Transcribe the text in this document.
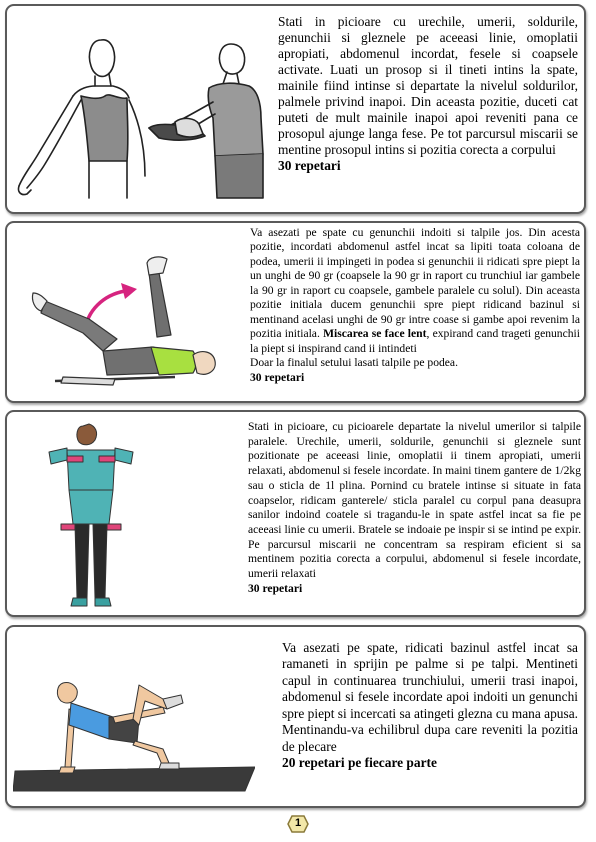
Stati in picioare cu urechile, umerii, soldurile, genunchii si gleznele pe aceeasi linie, omoplatii apropiati, abdomenul incordat, fesele si coapsele activate. Luati un prosop si il tineti intins la spate, mainile fiind intinse si departate la nivelul soldurilor, palmele privind inapoi. Din aceasta pozitie, duceti cat puteti de mult mainile inapoi apoi reveniti pana ce prosopul ajunge langa fese. Pe tot parcursul miscarii se mentine prosopul intins si pozitia corecta a corpului

30 repetari

Va asezati pe spate cu genunchii indoiti si talpile jos. Din acesta pozitie, incordati abdomenul astfel incat sa lipiti toata coloana de podea, umerii ii impingeti in podea si genunchii ii ridicati spre piept la un unghi de 90 gr (coapsele la 90 gr in raport cu trunchiul iar gambele la 90 gr in raport cu coapsele, gambele paralele cu solul). Din aceasta pozitie initiala ducem genunchii spre piept ridicand bazinul si mentinand acelasi unghi de 90 gr intre coase si gambe apoi revenim la pozitia initiala. Miscarea se face lent, expirand cand trageti genunchii la piept si inspirand cand ii intindeti

Doar la finalul setului lasati talpile pe podea.

30 repetari

Stati in picioare, cu picioarele departate la nivelul umerilor si talpile paralele. Urechile, umerii, soldurile, genunchii si gleznele sunt pozitionate pe aceeasi linie, omoplatii ii tinem apropiati, umerii relaxati, abdomenul si fesele incordate. In maini tinem gantere de 1/2kg sau o sticla de 1l plina. Pornind cu bratele intinse si situate in fata coapselor, ridicam ganterele/ sticla paralel cu corpul pana deasupra sanilor indoind coatele si tragandu-le in spate astfel incat sa fie pe aceeasi linie cu umerii. Bratele se indoaie pe inspir si se intind pe expir. Pe parcursul miscarii ne concentram sa respiram eficient si sa mentinem pozitia corecta a corpului, abdomenul si fesele incordate, umerii relaxati

30 repetari

Va asezati pe spate, ridicati bazinul astfel incat sa ramaneti in sprijin pe palme si pe talpi. Mentineti capul in continuarea trunchiului, umerii trasi inapoi, abdomenul si fesele incordate apoi indoiti un genunchi spre piept si incercati sa atingeti glezna cu mana apusa. Mentinandu-va echilibrul dupa care reveniti la pozitia de plecare

20 repetari pe fiecare parte

1
